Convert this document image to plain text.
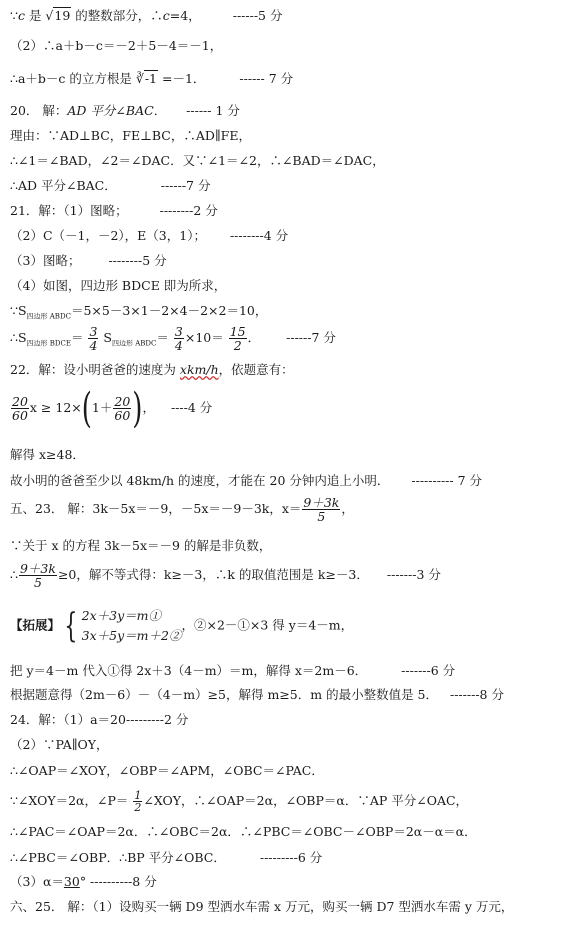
∵c 是 √19 的整数部分，∴c=4，	------5 分
（2）∴a＋b－c＝－2＋5－4＝－1，
∴a＋b－c 的立方根是 ∛-1 =－1．	------ 7 分
20． 解：AD 平分∠BAC． ------ 1 分
理由：∵AD⊥BC，FE⊥BC，∴AD∥FE，
∴∠1＝∠BAD，∠2＝∠DAC．又∵∠1＝∠2，∴∠BAD＝∠DAC，
∴AD 平分∠BAC．	------7 分
21．解：（1）图略；	--------2 分
（2）C（－1，－2），E（3，1）； --------4 分
（3）图略； --------5 分
（4）如图，四边形 BDCE 即为所求，
$\because S_{四边形 ABDC}=5\times 5-3\times 1-2\times 4-2\times 2=10$，
$\therefore S_{四边形 BDCE}= \frac{3}{4} S_{四边形 ABDC}= \frac{3}{4} \times 10= \frac{15}{2}$ ． ------7 分
22．解：设小明爸爸的速度为 xkm/h，依题意有：
$\frac{20}{60}$ $x \ge 12\times(1+ \frac{20}{60}$ )， ----4 分
解得 x≥48．
故小明的爸爸至少以 48km/h 的速度，才能在 20 分钟内追上小明． ---------- 7 分
五、23． 解：3k－5x＝－9，－5x＝－9－3k，$x= \frac{9+3k}{5}$ ，
∵关于 x 的方程 3k－5x＝－9 的解是非负数，
∴ $\frac{9+3k}{5} \ge 0$，解不等式得：k≥－3，∴k 的取值范围是 k≥－3． -------3 分
【拓展】 { 2x＋3y＝m①
3x＋5y＝m＋2②
，②×2－①×3 得 y＝4－m，
把 y＝4－m 代入①得 2x＋3（4－m）＝m，解得 x＝2m－6．	-------6 分
根据题意得（2m－6）－（4－m）≥5，解得 m≥5．m 的最小整数值是 5． -------8 分
24．解：（1）a＝20---------2 分
（2）∵PA∥OY，
∴∠OAP＝∠XOY，∠OBP＝∠APM，∠OBC＝∠PAC．
∵∠XOY＝2α，∠P＝ $\frac{1}{2}$ ∠XOY，∴∠OAP＝2α，∠OBP＝α．∵AP 平分∠OAC，
∴∠PAC＝∠OAP＝2α．∴∠OBC＝2α．∴∠PBC＝∠OBC－∠OBP＝2α－α＝α．
∴∠PBC＝∠OBP．∴BP 平分∠OBC．	---------6 分
（3）α＝30° ----------8 分
六、25． 解：（1）设购买一辆 D9 型洒水车需 x 万元，购买一辆 D7 型洒水车需 y 万元，
